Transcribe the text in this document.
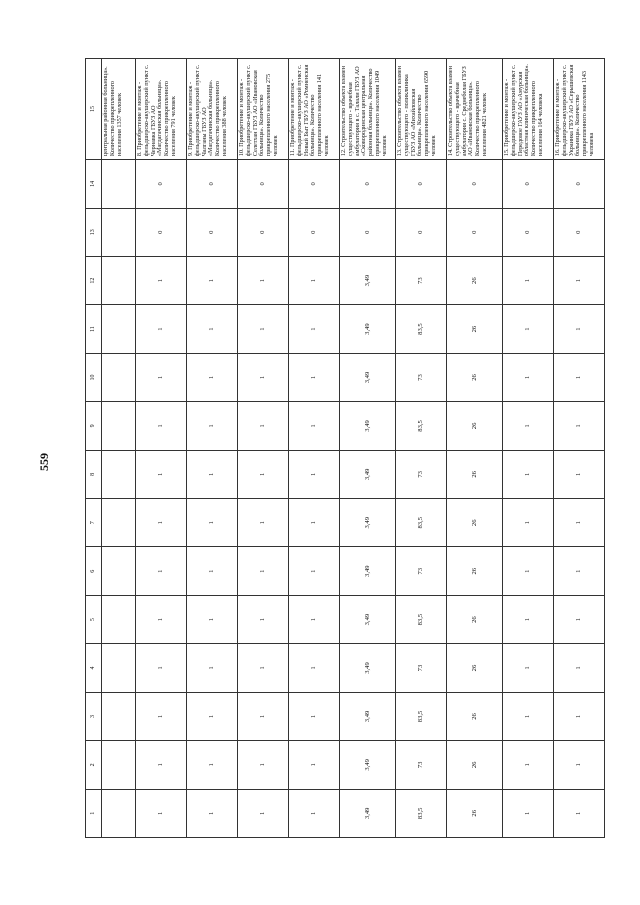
559
1	2	3	4	5	6	7	8	9	10	11	12	13	14	15
														центральная районная больница». Количество прикрепленного населения 1357 человек
1	1	1	1	1	1	1	1	1	1	1	1	0	0	8. Приобретение и монтаж - фельдшерско-акушерский пункт с. Чернавка ГБУЗ АО «Магдагачинская больница». Количество прикрепленного населения 791 человек
1	1	1	1	1	1	1	1	1	1	1	1	0	0	9. Приобретение и монтаж - фельдшерско-акушерский пункт с. Чалганы ГБУЗ АО «Магдагачинская больница». Количество прикрепленного населения 388 человек
1	1	1	1	1	1	1	1	1	1	1	1	0	0	10. Приобретение и монтаж - фельдшерско-акушерский пункт с. Селетхан ГБУЗ АО «Ивановская больница». Количество прикрепленного населения 275 человек
1	1	1	1	1	1	1	1	1	1	1	1	0	0	11. Приобретение и монтаж - фельдшерско-акушерский пункт с. Новый Быт ГБУЗ АО «Ромненская больница». Количество прикрепленного населения 141 человек
3,49	3,49	3,49	3,49	3,49	3,49	3,49	3,49	3,49	3,49	3,49	3,49	0	0	12. Строительство объекта взамен существующего - врачебная амбулатория в с. Талали ГБУЗ АО «Сковородинская центральная районная больница». Количество прикрепленного населения 1049 человек
83,5	73	83,5	73	83,5	73	83,5	73	83,5	73	83,5	73	0	0	13. Строительство объекта взамен существующего - поликлиника ГБУЗ АО «Михайловская больница». Количество прикрепленного населения 6590 человек
26	26	26	26	26	26	26	26	26	26	26	26	0	0	14. Строительство объекта взамен существующего - врачебная амбулатория с. Среднебелая ГБУЗ АО «Ивановская больница». Количество прикрепленного населения 4821 человек
1	1	1	1	1	1	1	1	1	1	1	1	0	0	15. Приобретение и монтаж - фельдшерско-акушерский пункт с. Передовое ГАУЗ АО «Амурская областная клиническая больница». Количество прикрепленного населения 164 человека
1	1	1	1	1	1	1	1	1	1	1	1	0	0	16. Приобретение и монтаж - фельдшерско-акушерский пункт с. Украинка ГБУЗ АО «Серышевская больница». Количество прикрепленного населения 1143 человека
